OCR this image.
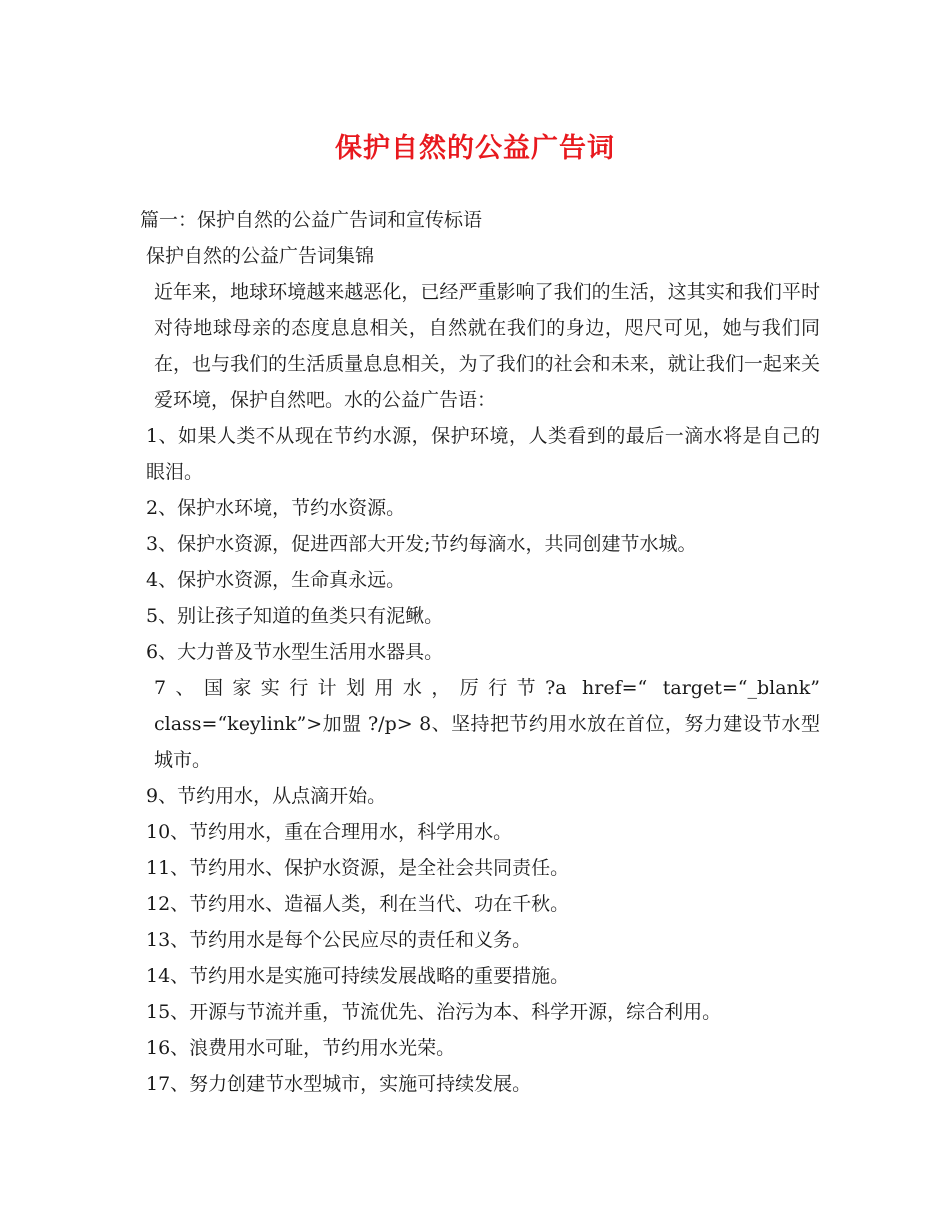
保护自然的公益广告词

篇一：保护自然的公益广告词和宣传标语

保护自然的公益广告词集锦

近年来，地球环境越来越恶化，已经严重影响了我们的生活，这其实和我们平时对待地球母亲的态度息息相关，自然就在我们的身边，咫尺可见，她与我们同在，也与我们的生活质量息息相关，为了我们的社会和未来，就让我们一起来关爱环境，保护自然吧。水的公益广告语：

1、如果人类不从现在节约水源，保护环境，人类看到的最后一滴水将是自己的眼泪。

2、保护水环境，节约水资源。

3、保护水资源，促进西部大开发;节约每滴水，共同创建节水城。

4、保护水资源，生命真永远。

5、别让孩子知道的鱼类只有泥鳅。

6、大力普及节水型生活用水器具。

7、国家实行计划用水，厉行节?a href=“ target=“_blank” class=“keylink”>加盟 ?/p> 8、坚持把节约用水放在首位，努力建设节水型城市。

9、节约用水，从点滴开始。

10、节约用水，重在合理用水，科学用水。

11、节约用水、保护水资源，是全社会共同责任。

12、节约用水、造福人类，利在当代、功在千秋。

13、节约用水是每个公民应尽的责任和义务。

14、节约用水是实施可持续发展战略的重要措施。

15、开源与节流并重，节流优先、治污为本、科学开源，综合利用。

16、浪费用水可耻，节约用水光荣。

17、努力创建节水型城市，实施可持续发展。
